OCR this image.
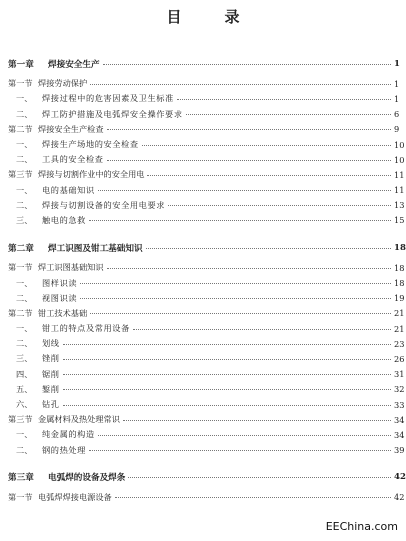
目　录
第一章	焊接安全生产	1
第一节 焊接劳动保护	1
一、	焊接过程中的危害因素及卫生标准	1
二、	焊工防护措施及电弧焊安全操作要求	6
第二节 焊接安全生产检查	9
一、	焊接生产场地的安全检查	10
二、	工具的安全检查	10
第三节 焊接与切割作业中的安全用电	11
一、	电的基础知识	11
二、	焊接与切割设备的安全用电要求	13
三、	触电的急救	15
第二章	焊工识图及钳工基础知识	18
第一节 焊工识图基础知识	18
一、	图样识读	18
二、	视图识读	19
第二节 钳工技术基础	21
一、	钳工的特点及常用设备	21
二、	划线	23
三、	锉削	26
四、	锯削	31
五、	錾削	32
六、	钻孔	33
第三节 金属材料及热处理常识	34
一、	纯金属的构造	34
二、	钢的热处理	39
第三章	电弧焊的设备及焊条	42
第一节 电弧焊焊接电源设备	42
EEChina.com
